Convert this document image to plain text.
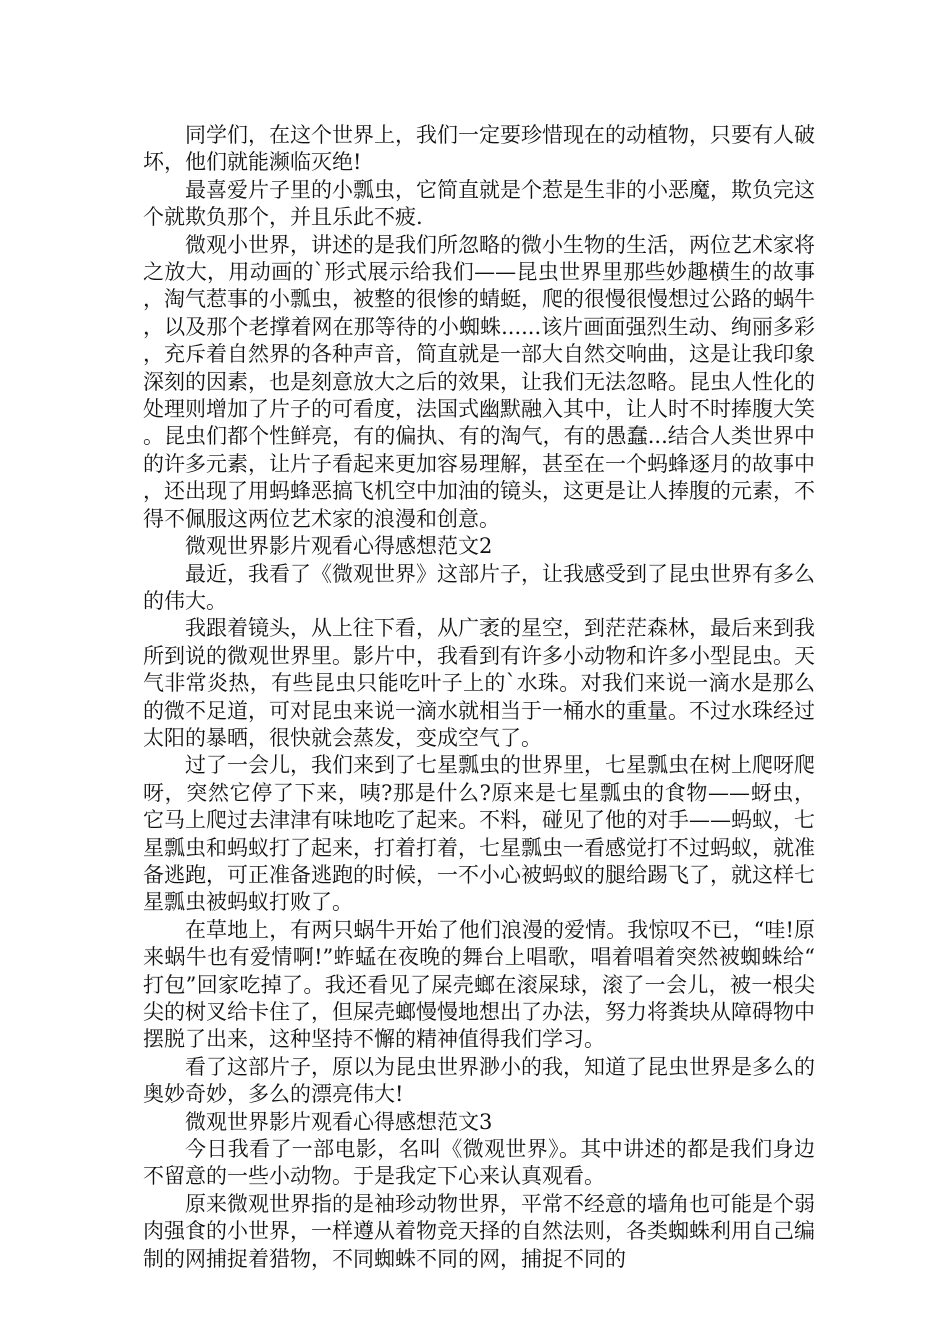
同学们，在这个世界上，我们一定要珍惜现在的动植物，只要有人破坏，他们就能濒临灭绝!

最喜爱片子里的小瓢虫，它简直就是个惹是生非的小恶魔，欺负完这个就欺负那个，并且乐此不疲.

微观小世界，讲述的是我们所忽略的微小生物的生活，两位艺术家将之放大，用动画的`形式展示给我们——昆虫世界里那些妙趣横生的故事，淘气惹事的小瓢虫，被整的很惨的蜻蜓，爬的很慢很慢想过公路的蜗牛，以及那个老撑着网在那等待的小蜘蛛......该片画面强烈生动、绚丽多彩，充斥着自然界的各种声音，简直就是一部大自然交响曲，这是让我印象深刻的因素，也是刻意放大之后的效果，让我们无法忽略。昆虫人性化的处理则增加了片子的可看度，法国式幽默融入其中，让人时不时捧腹大笑。昆虫们都个性鲜亮，有的偏执、有的淘气，有的愚蠢...结合人类世界中的许多元素，让片子看起来更加容易理解，甚至在一个蚂蜂逐月的故事中，还出现了用蚂蜂恶搞飞机空中加油的镜头，这更是让人捧腹的元素，不得不佩服这两位艺术家的浪漫和创意。

微观世界影片观看心得感想范文2

最近，我看了《微观世界》这部片子，让我感受到了昆虫世界有多么的伟大。

我跟着镜头，从上往下看，从广袤的星空，到茫茫森林，最后来到我所到说的微观世界里。影片中，我看到有许多小动物和许多小型昆虫。天气非常炎热，有些昆虫只能吃叶子上的`水珠。对我们来说一滴水是那么的微不足道，可对昆虫来说一滴水就相当于一桶水的重量。不过水珠经过太阳的暴晒，很快就会蒸发，变成空气了。

过了一会儿，我们来到了七星瓢虫的世界里，七星瓢虫在树上爬呀爬呀，突然它停了下来，咦?那是什么?原来是七星瓢虫的食物——蚜虫，它马上爬过去津津有味地吃了起来。不料，碰见了他的对手——蚂蚁，七星瓢虫和蚂蚁打了起来，打着打着，七星瓢虫一看感觉打不过蚂蚁，就准备逃跑，可正准备逃跑的时候，一不小心被蚂蚁的腿给踢飞了，就这样七星瓢虫被蚂蚁打败了。

在草地上，有两只蜗牛开始了他们浪漫的爱情。我惊叹不已，“哇!原来蜗牛也有爱情啊!”蚱蜢在夜晚的舞台上唱歌，唱着唱着突然被蜘蛛给“打包”回家吃掉了。我还看见了屎壳螂在滚屎球，滚了一会儿，被一根尖尖的树叉给卡住了，但屎壳螂慢慢地想出了办法，努力将粪块从障碍物中摆脱了出来，这种坚持不懈的精神值得我们学习。

看了这部片子，原以为昆虫世界渺小的我，知道了昆虫世界是多么的奥妙奇妙，多么的漂亮伟大!

微观世界影片观看心得感想范文3

今日我看了一部电影，名叫《微观世界》。其中讲述的都是我们身边不留意的一些小动物。于是我定下心来认真观看。

原来微观世界指的是袖珍动物世界，平常不经意的墙角也可能是个弱肉强食的小世界，一样遵从着物竞天择的自然法则，各类蜘蛛利用自己编制的网捕捉着猎物，不同蜘蛛不同的网，捕捉不同的
